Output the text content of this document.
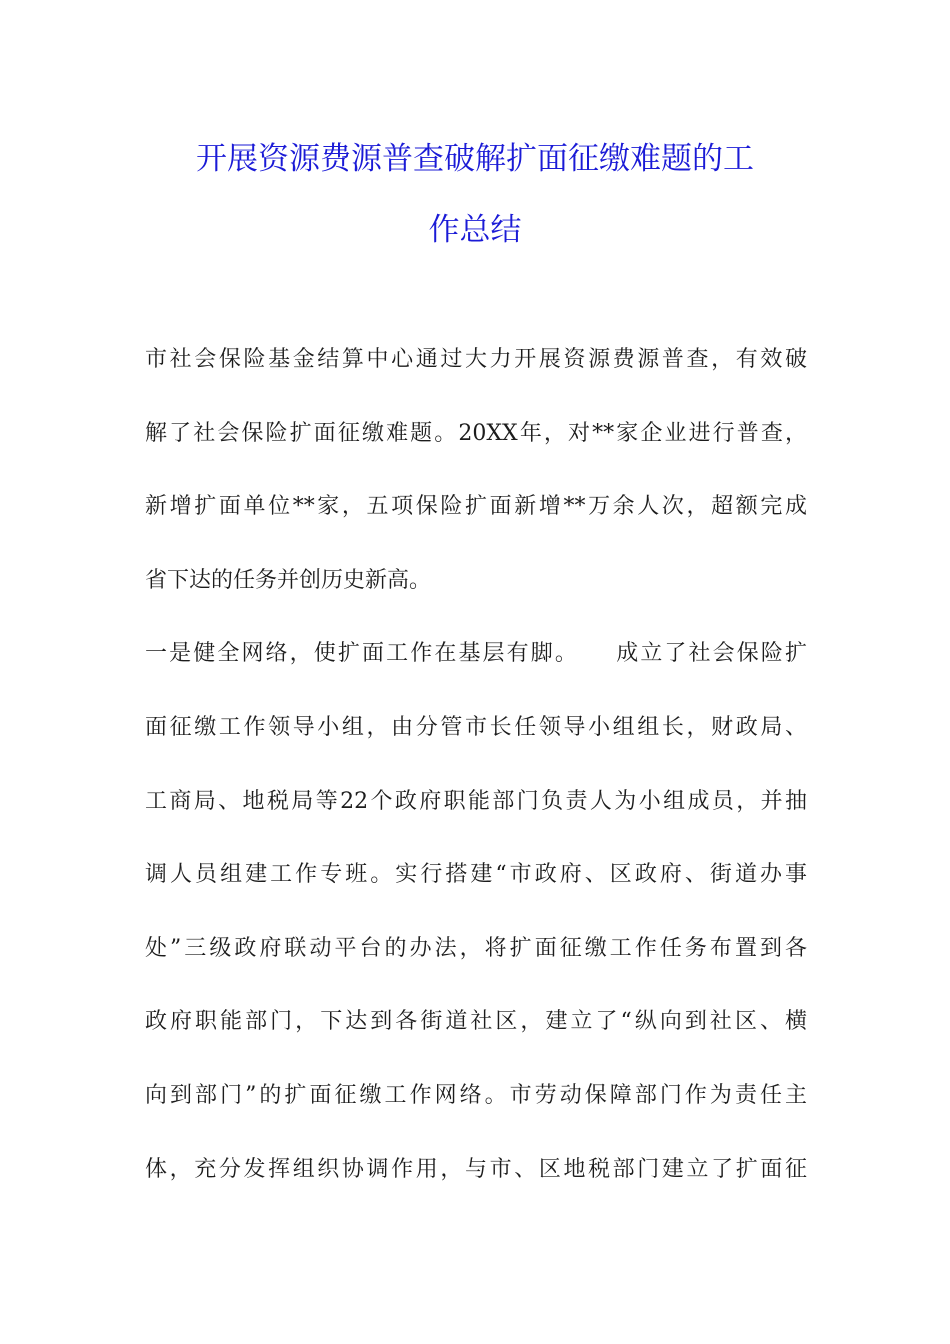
开展资源费源普查破解扩面征缴难题的工
作总结
市社会保险基金结算中心通过大力开展资源费源普查，有效破
解了社会保险扩面征缴难题。20XX年，对**家企业进行普查，
新增扩面单位**家，五项保险扩面新增**万余人次，超额完成
省下达的任务并创历史新高。
一是健全网络，使扩面工作在基层有脚。　　成立了社会保险扩
面征缴工作领导小组，由分管市长任领导小组组长，财政局、
工商局、地税局等22个政府职能部门负责人为小组成员，并抽
调人员组建工作专班。实行搭建“市政府、区政府、街道办事
处”三级政府联动平台的办法，将扩面征缴工作任务布置到各
政府职能部门，下达到各街道社区，建立了“纵向到社区、横
向到部门”的扩面征缴工作网络。市劳动保障部门作为责任主
体，充分发挥组织协调作用，与市、区地税部门建立了扩面征
